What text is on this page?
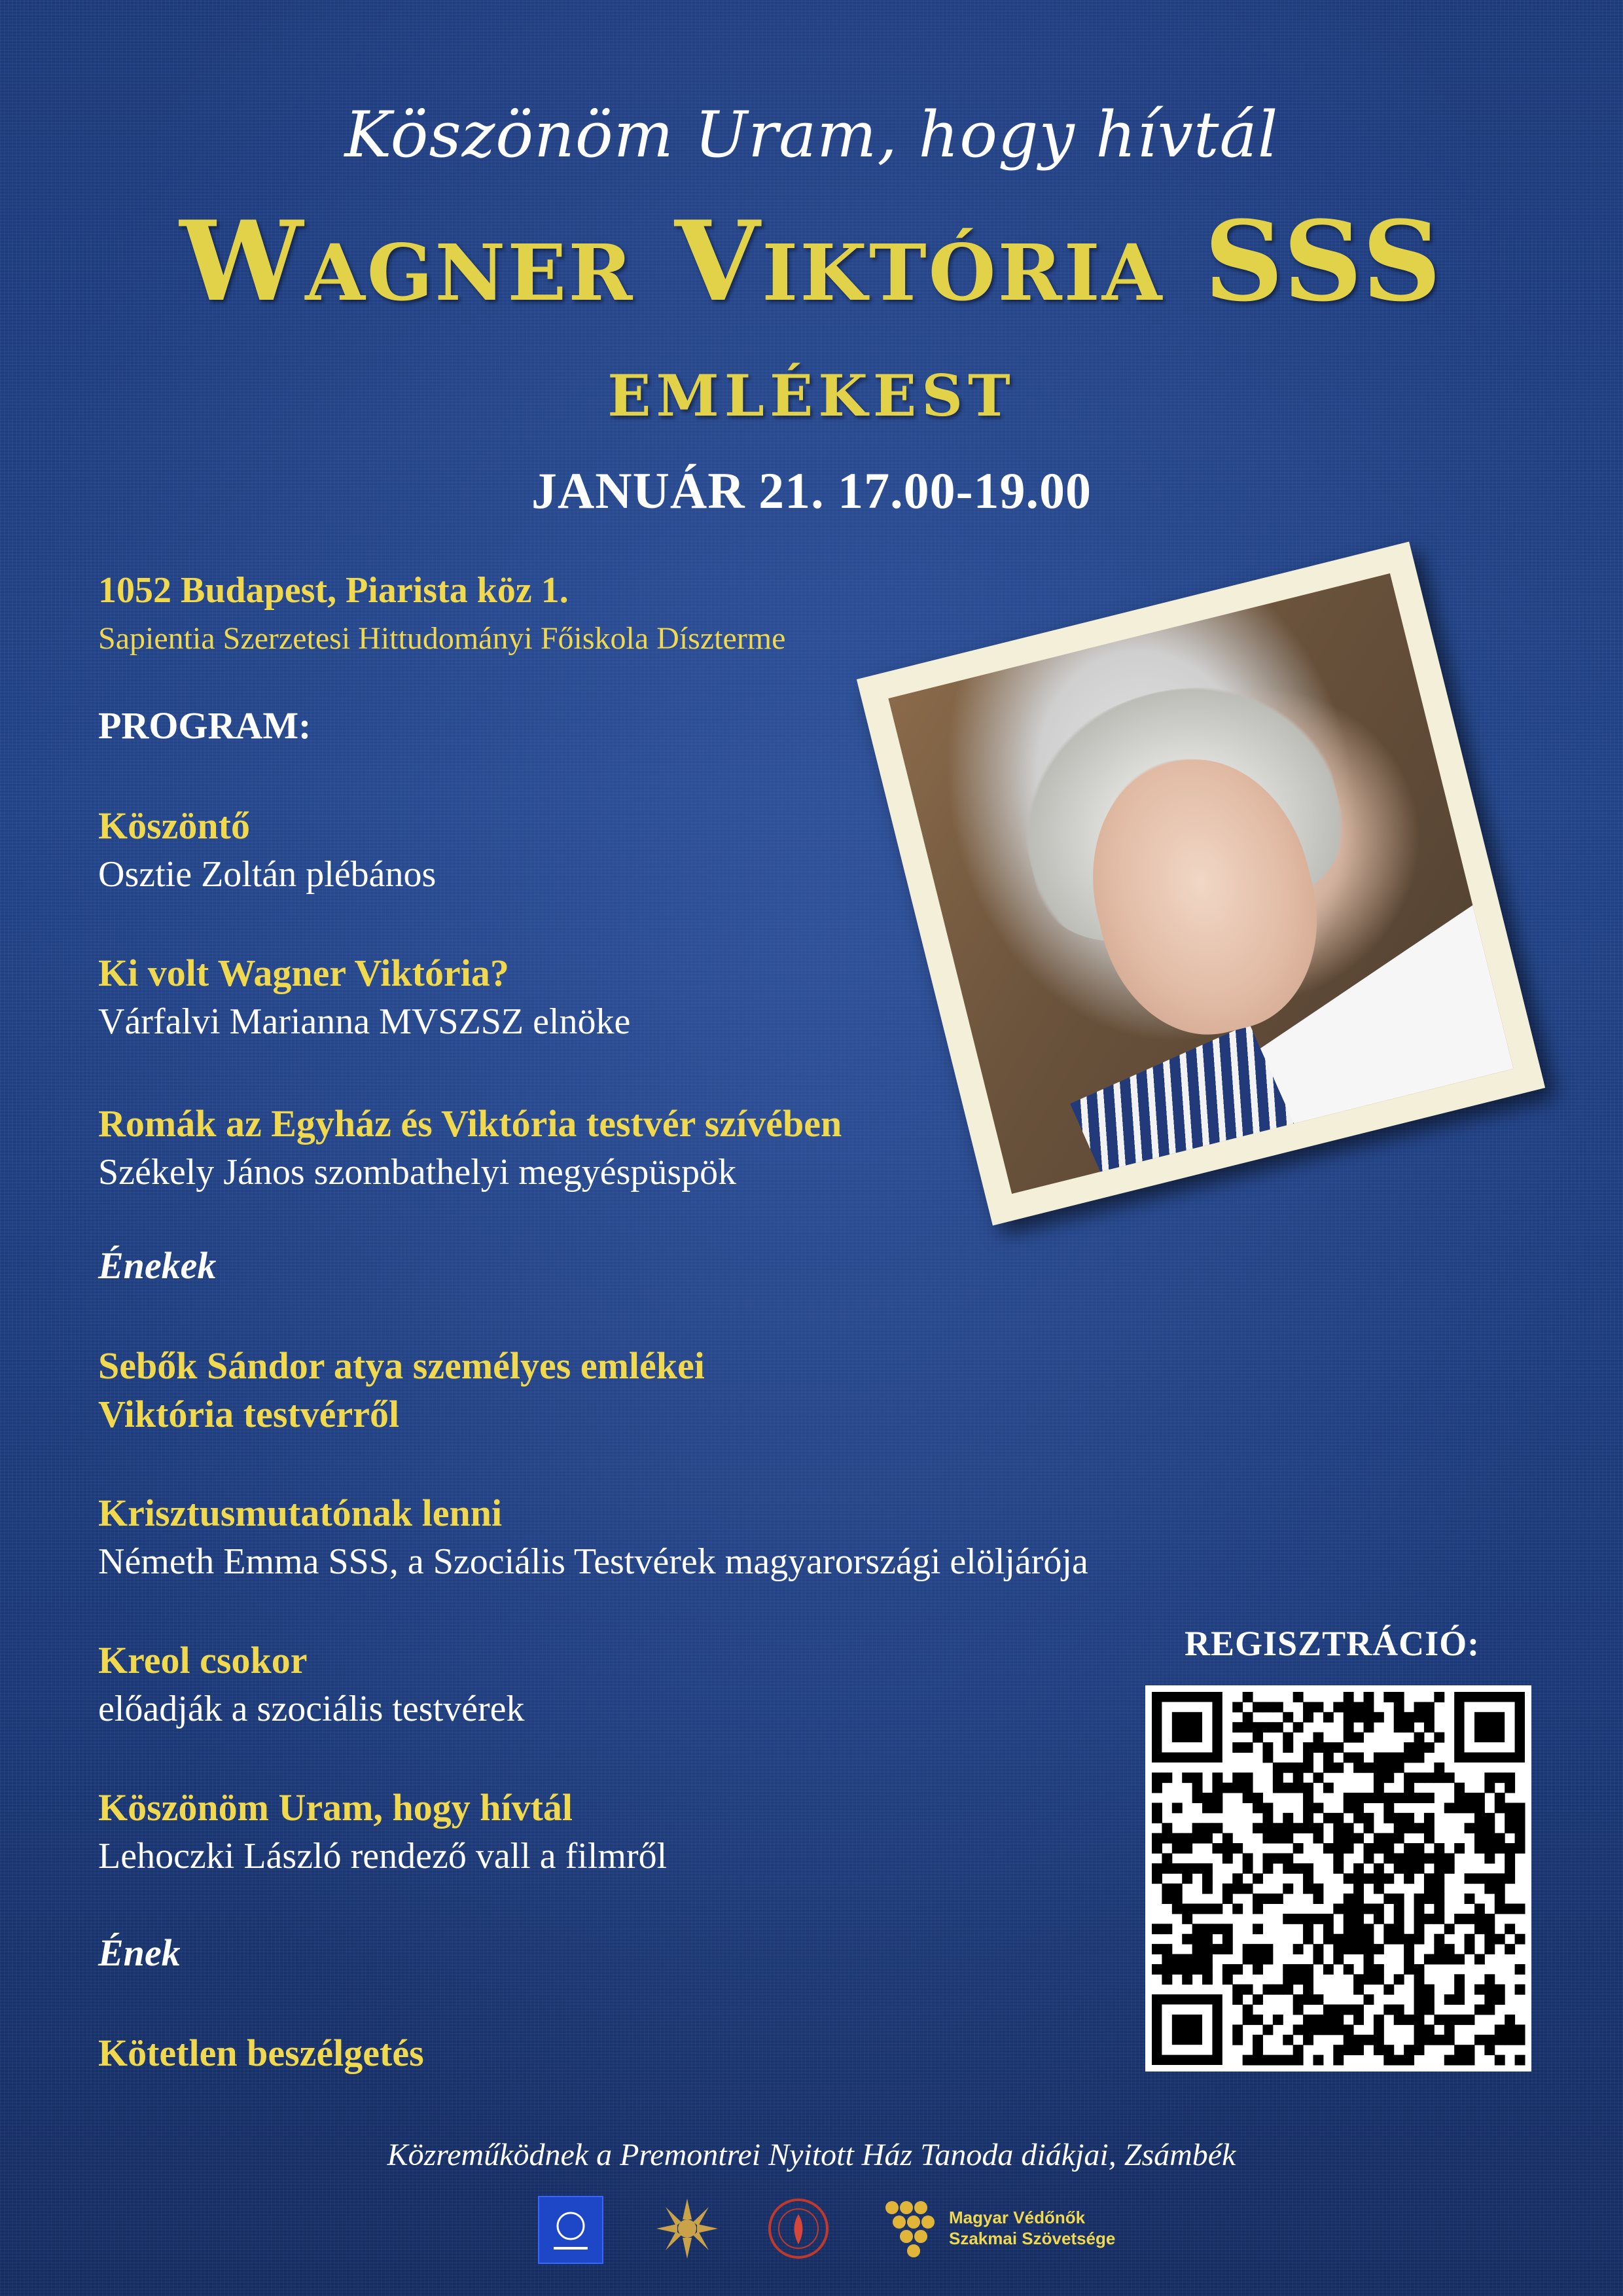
Köszönöm Uram, hogy hívtál
Wagner Viktória SSS
emlékest
JANUÁR 21. 17.00-19.00
1052 Budapest, Piarista köz 1.
Sapientia Szerzetesi Hittudományi Főiskola Díszterme
PROGRAM:
Köszöntő
Osztie Zoltán plébános
Ki volt Wagner Viktória?
Várfalvi Marianna MVSZSZ elnöke
Romák az Egyház és Viktória testvér szívében
Székely János szombathelyi megyéspüspök
Énekek
Sebők Sándor atya személyes emlékei
Viktória testvérről
Krisztusmutatónak lenni
Németh Emma SSS, a Szociális Testvérek magyarországi elöljárója
Kreol csokor
előadják a szociális testvérek
Köszönöm Uram, hogy hívtál
Lehoczki László rendező vall a filmről
Ének
Kötetlen beszélgetés
REGISZTRÁCIÓ:
Közreműködnek a Premontrei Nyitott Ház Tanoda diákjai, Zsámbék
Magyar Védőnők
Szakmai Szövetsége
